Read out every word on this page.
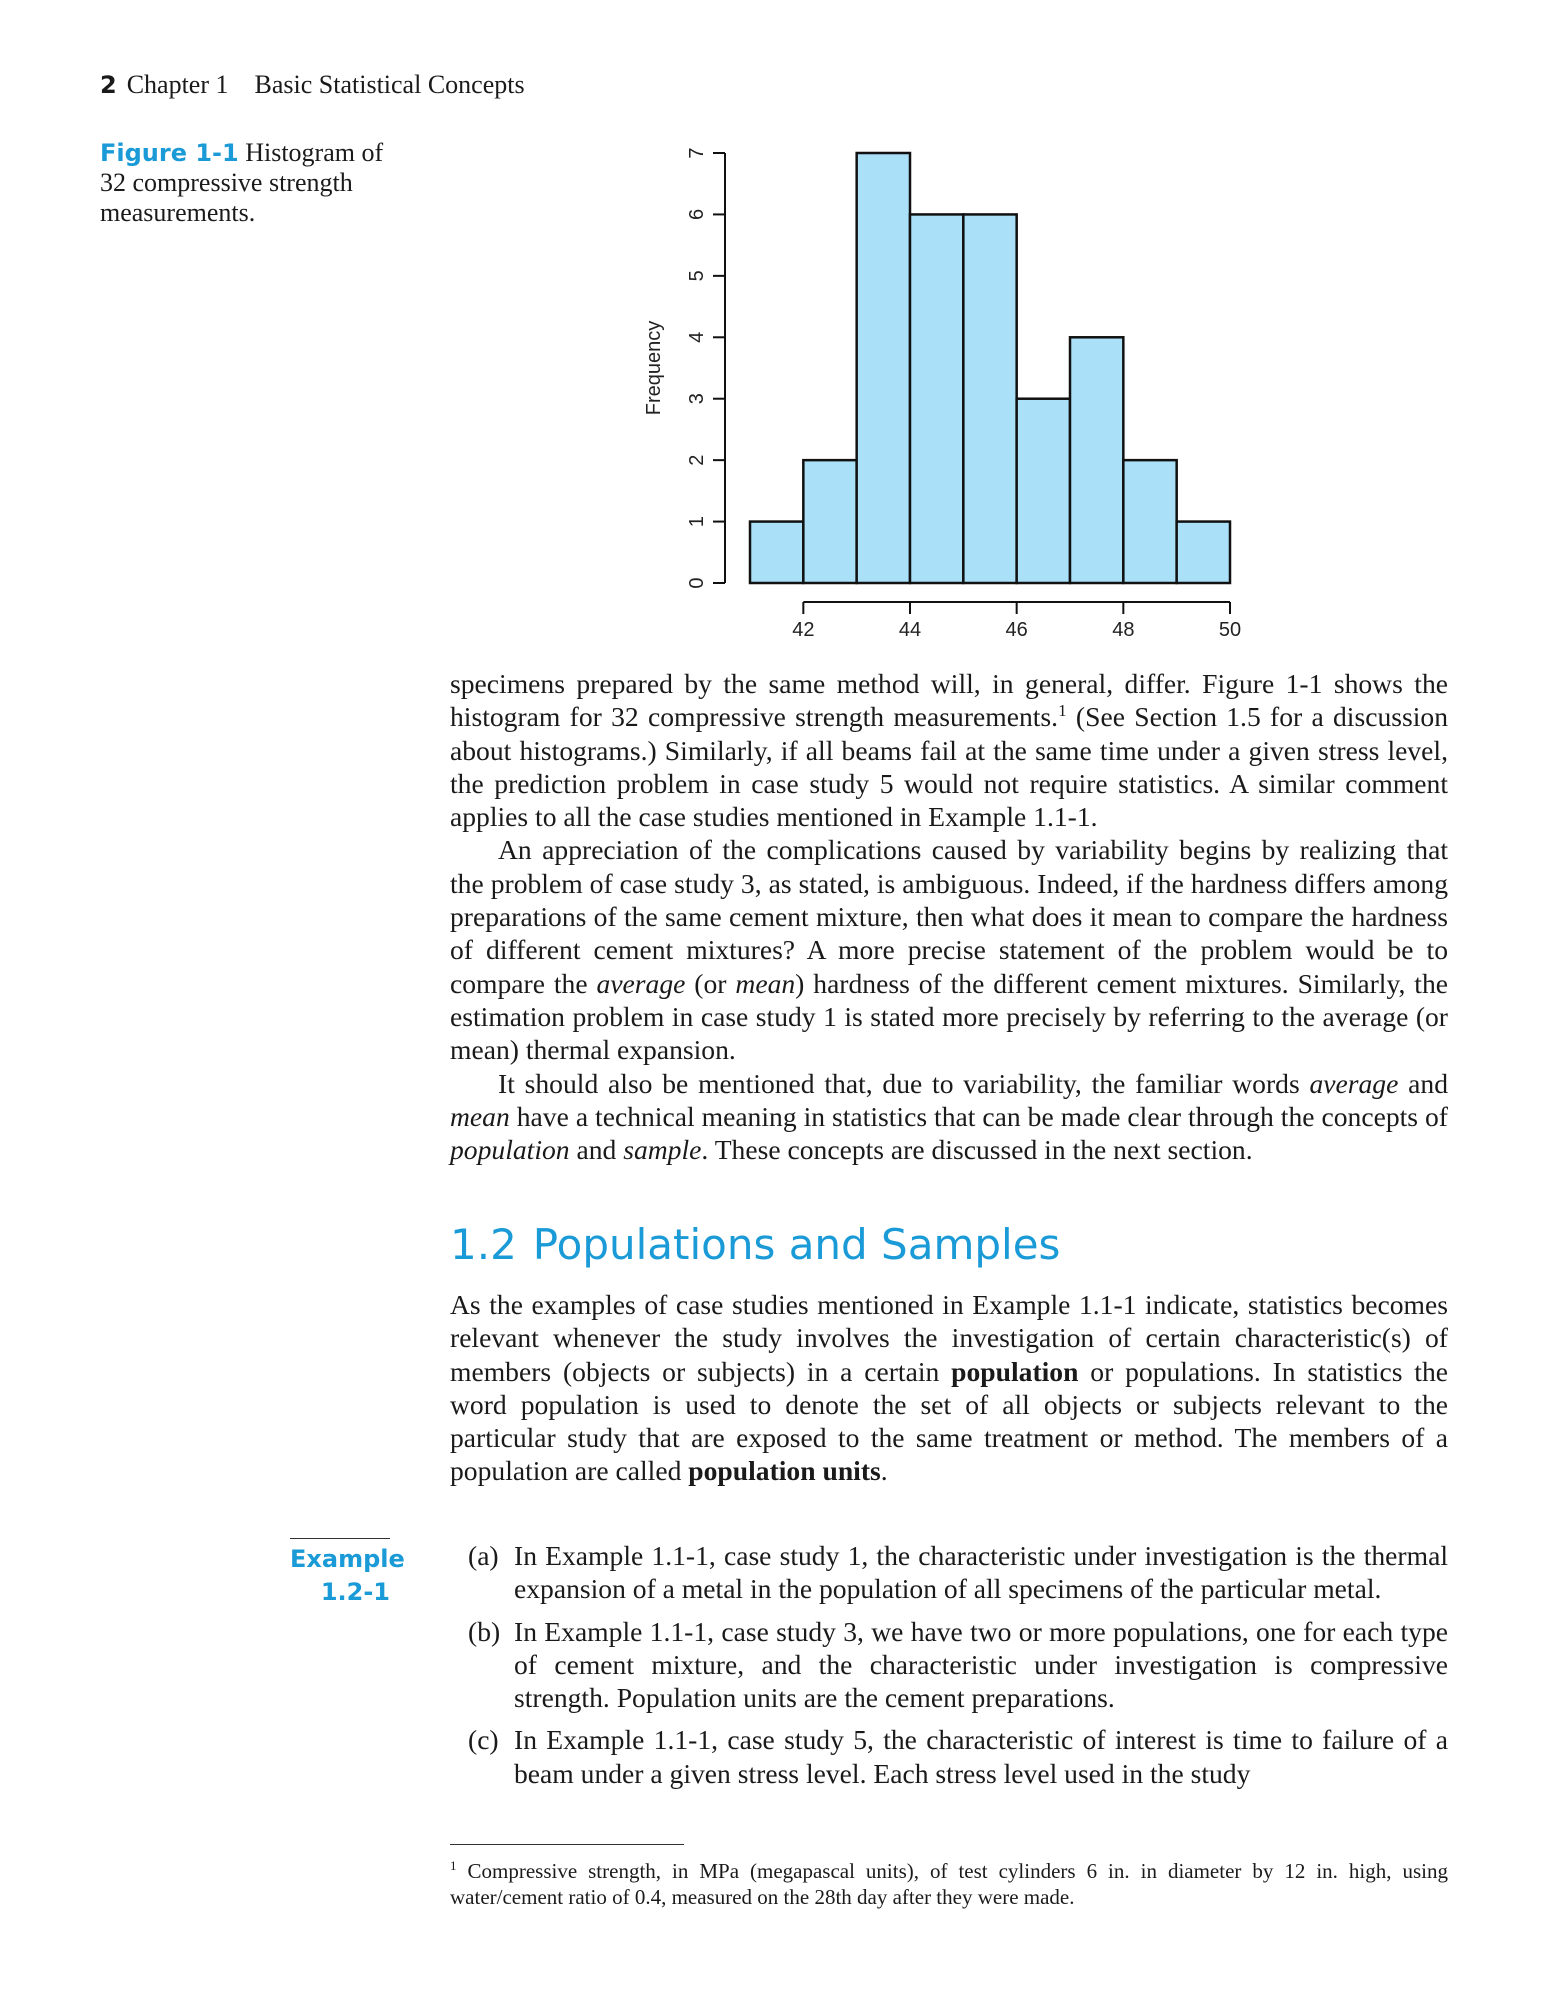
2 Chapter 1 Basic Statistical Concepts
Figure 1-1 Histogram of 32 compressive strength measurements.
0
1
2
3
4
5
6
7
Frequency
42	44	46	48	50

specimens prepared by the same method will, in general, differ. Figure 1-1 shows the histogram for 32 compressive strength measurements.$^1$ (See Section 1.5 for a discussion about histograms.) Similarly, if all beams fail at the same time under a given stress level, the prediction problem in case study 5 would not require statistics. A similar comment applies to all the case studies mentioned in Example 1.1-1.

An appreciation of the complications caused by variability begins by realizing that the problem of case study 3, as stated, is ambiguous. Indeed, if the hardness differs among preparations of the same cement mixture, then what does it mean to compare the hardness of different cement mixtures? A more precise statement of the problem would be to compare the average (or mean) hardness of the different cement mixtures. Similarly, the estimation problem in case study 1 is stated more precisely by referring to the average (or mean) thermal expansion.

It should also be mentioned that, due to variability, the familiar words average and mean have a technical meaning in statistics that can be made clear through the concepts of population and sample. These concepts are discussed in the next section.

1.2 Populations and Samples

As the examples of case studies mentioned in Example 1.1-1 indicate, statistics becomes relevant whenever the study involves the investigation of certain characteristic(s) of members (objects or subjects) in a certain population or populations. In statistics the word population is used to denote the set of all objects or subjects relevant to the particular study that are exposed to the same treatment or method. The members of a population are called population units.

Example
1.2-1
(a) In Example 1.1-1, case study 1, the characteristic under investigation is the thermal expansion of a metal in the population of all specimens of the particular metal.
(b) In Example 1.1-1, case study 3, we have two or more populations, one for each type of cement mixture, and the characteristic under investigation is compressive strength. Population units are the cement preparations.
(c) In Example 1.1-1, case study 5, the characteristic of interest is time to failure of a beam under a given stress level. Each stress level used in the study
$^1$ Compressive strength, in MPa (megapascal units), of test cylinders 6 in. in diameter by 12 in. high, using water/cement ratio of 0.4, measured on the 28th day after they were made.
